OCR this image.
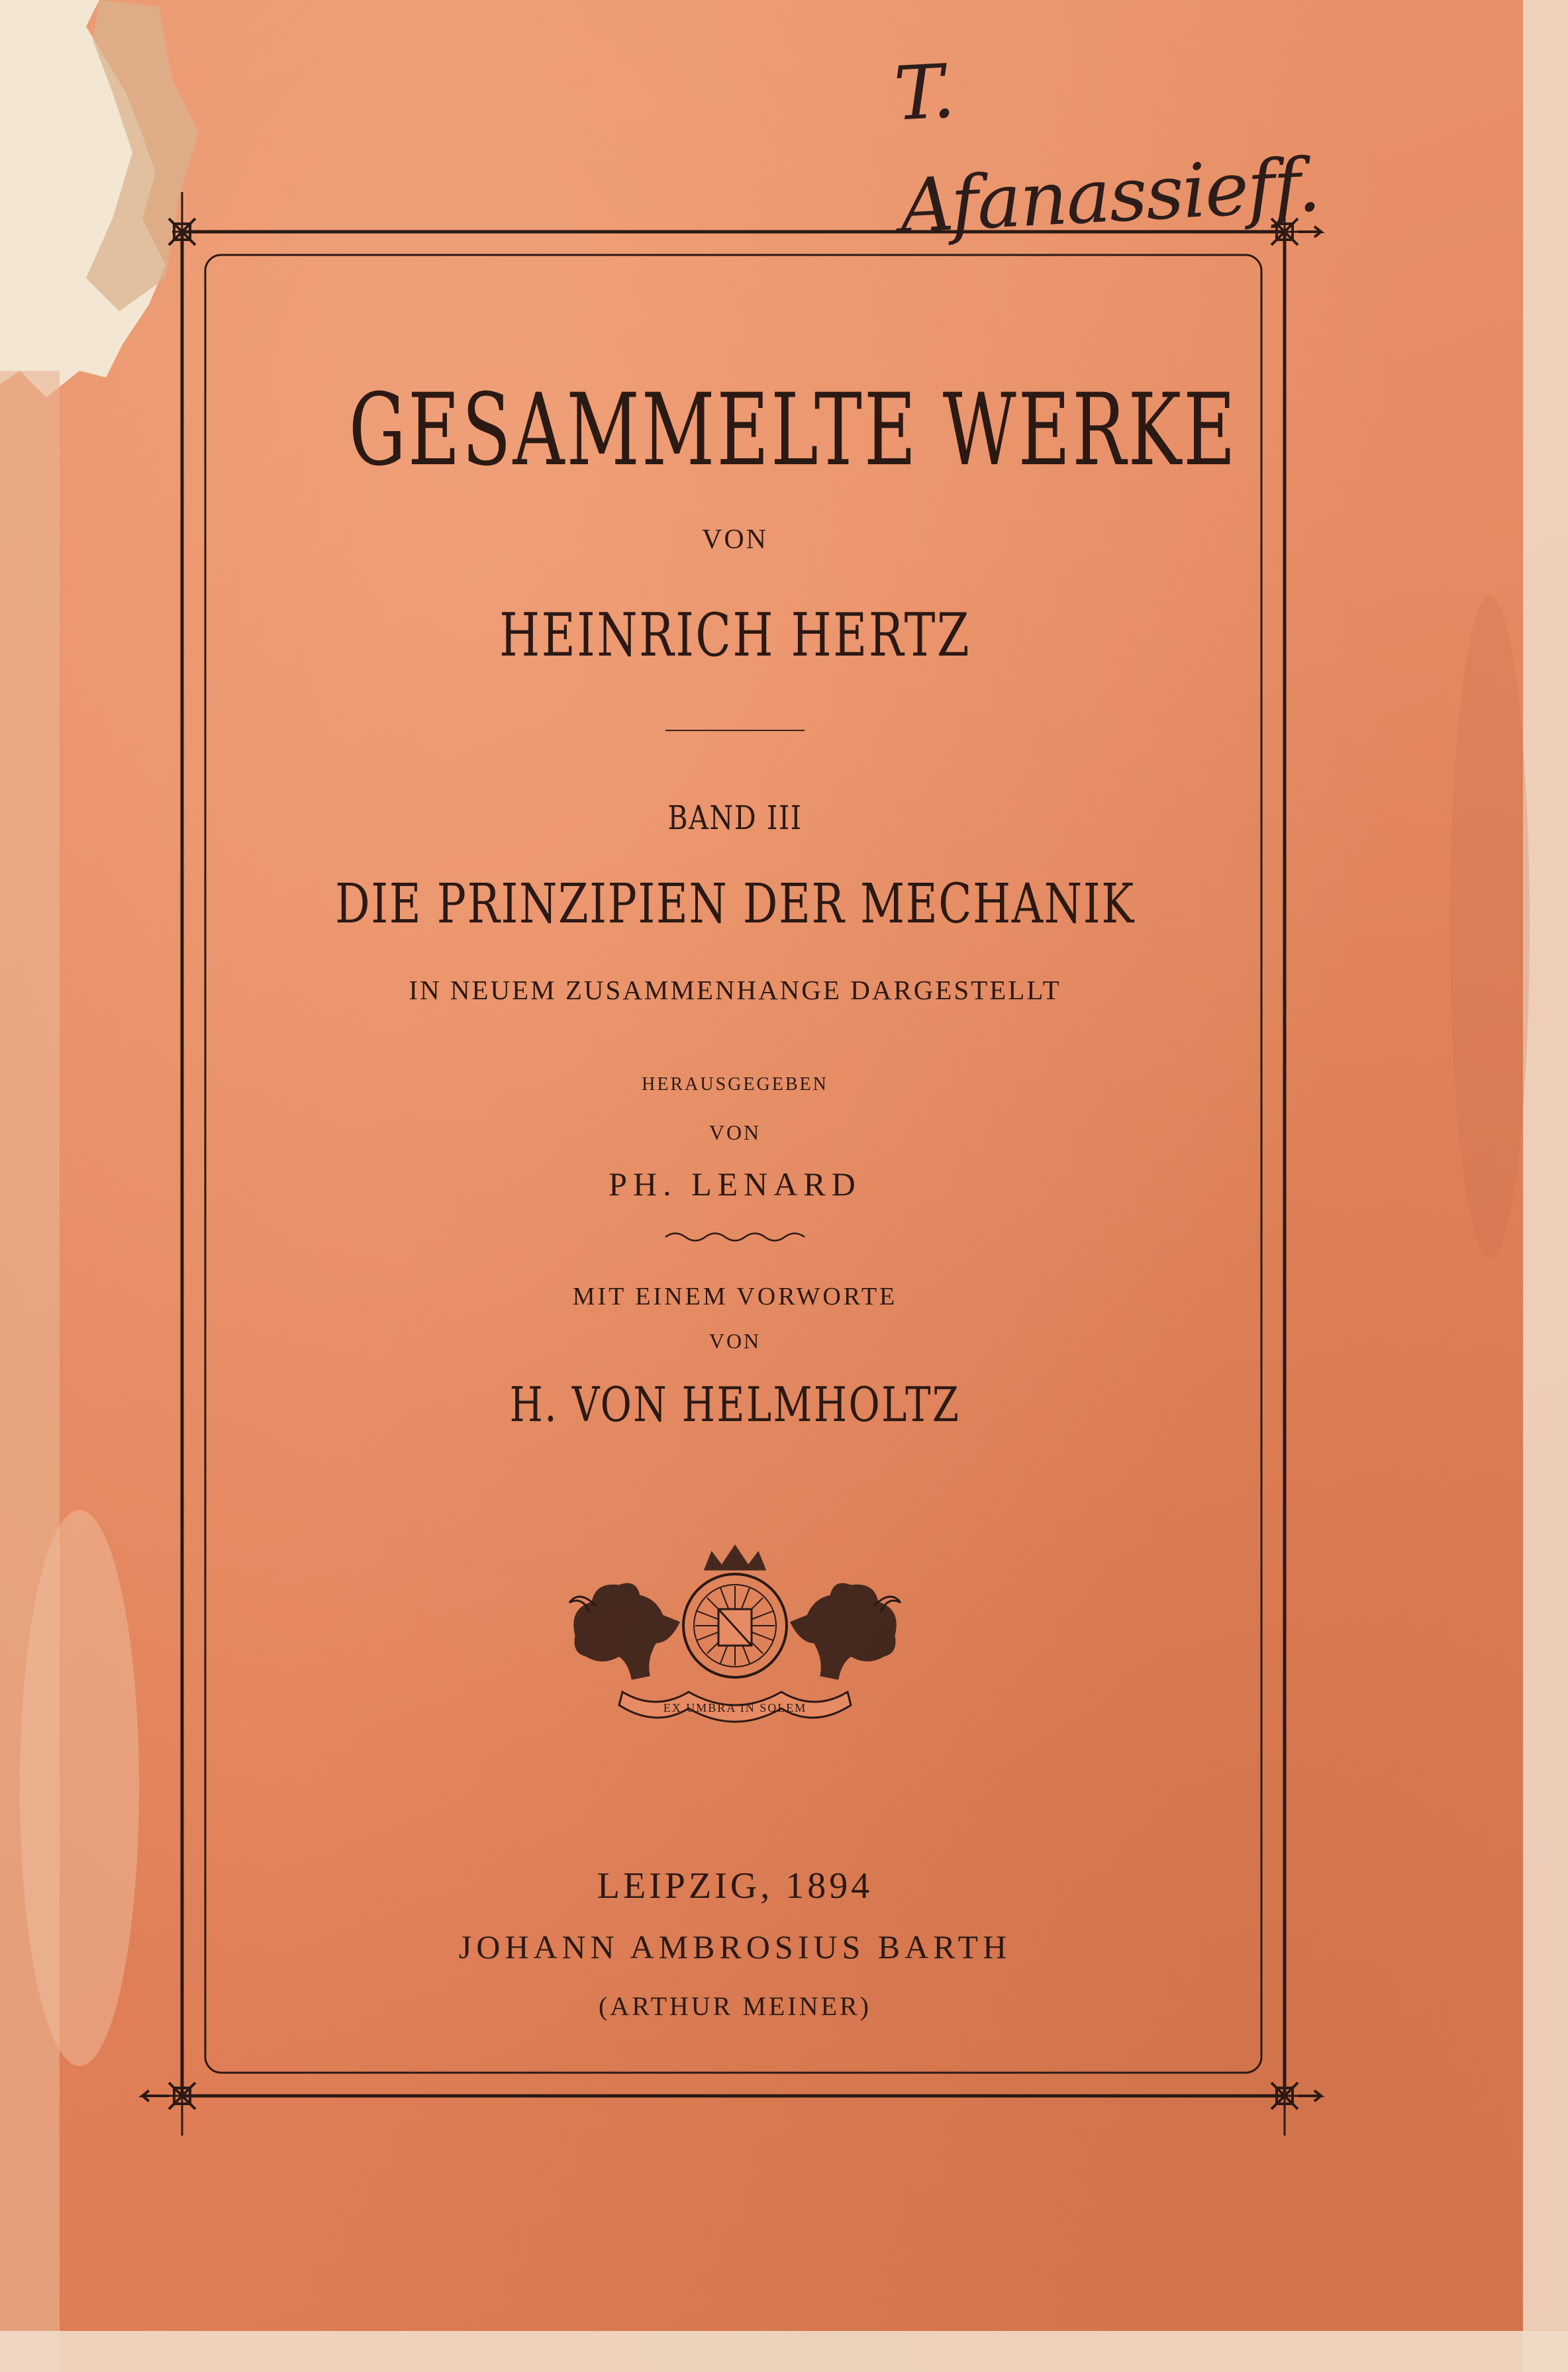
T. Afanassieff.
GESAMMELTE WERKE
VON
HEINRICH HERTZ
BAND III
DIE PRINZIPIEN DER MECHANIK
IN NEUEM ZUSAMMENHANGE DARGESTELLT
HERAUSGEGEBEN
VON
PH. LENARD
MIT EINEM VORWORTE
VON
H. VON HELMHOLTZ
EX UMBRA IN SOLEM
LEIPZIG, 1894
JOHANN AMBROSIUS BARTH
(ARTHUR MEINER)
